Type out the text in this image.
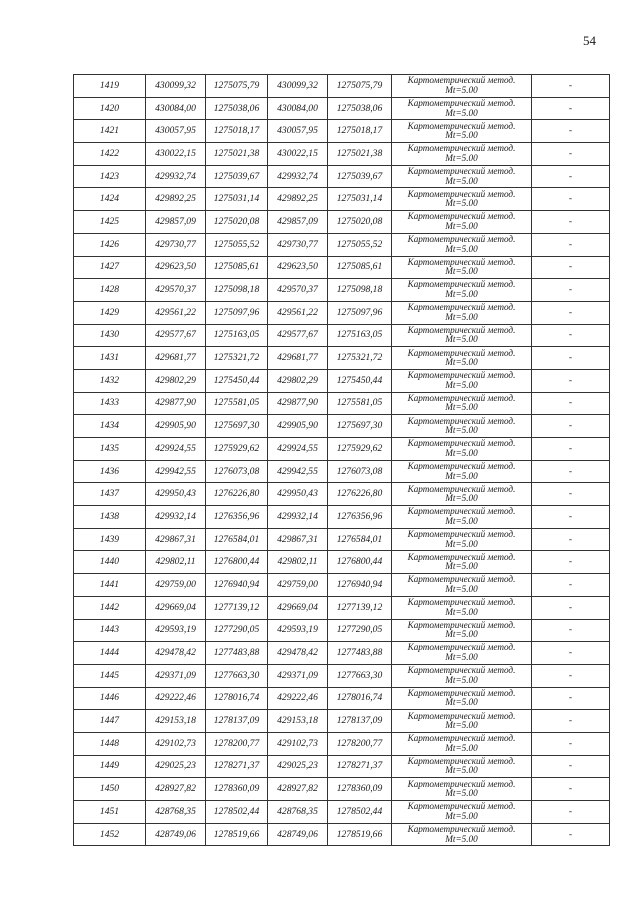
54
1419	430099,32	1275075,79	430099,32	1275075,79	Картометрический метод.
Mt=5.00	-
1420	430084,00	1275038,06	430084,00	1275038,06	Картометрический метод.
Mt=5.00	-
1421	430057,95	1275018,17	430057,95	1275018,17	Картометрический метод.
Mt=5.00	-
1422	430022,15	1275021,38	430022,15	1275021,38	Картометрический метод.
Mt=5.00	-
1423	429932,74	1275039,67	429932,74	1275039,67	Картометрический метод.
Mt=5.00	-
1424	429892,25	1275031,14	429892,25	1275031,14	Картометрический метод.
Mt=5.00	-
1425	429857,09	1275020,08	429857,09	1275020,08	Картометрический метод.
Mt=5.00	-
1426	429730,77	1275055,52	429730,77	1275055,52	Картометрический метод.
Mt=5.00	-
1427	429623,50	1275085,61	429623,50	1275085,61	Картометрический метод.
Mt=5.00	-
1428	429570,37	1275098,18	429570,37	1275098,18	Картометрический метод.
Mt=5.00	-
1429	429561,22	1275097,96	429561,22	1275097,96	Картометрический метод.
Mt=5.00	-
1430	429577,67	1275163,05	429577,67	1275163,05	Картометрический метод.
Mt=5.00	-
1431	429681,77	1275321,72	429681,77	1275321,72	Картометрический метод.
Mt=5.00	-
1432	429802,29	1275450,44	429802,29	1275450,44	Картометрический метод.
Mt=5.00	-
1433	429877,90	1275581,05	429877,90	1275581,05	Картометрический метод.
Mt=5.00	-
1434	429905,90	1275697,30	429905,90	1275697,30	Картометрический метод.
Mt=5.00	-
1435	429924,55	1275929,62	429924,55	1275929,62	Картометрический метод.
Mt=5.00	-
1436	429942,55	1276073,08	429942,55	1276073,08	Картометрический метод.
Mt=5.00	-
1437	429950,43	1276226,80	429950,43	1276226,80	Картометрический метод.
Mt=5.00	-
1438	429932,14	1276356,96	429932,14	1276356,96	Картометрический метод.
Mt=5.00	-
1439	429867,31	1276584,01	429867,31	1276584,01	Картометрический метод.
Mt=5.00	-
1440	429802,11	1276800,44	429802,11	1276800,44	Картометрический метод.
Mt=5.00	-
1441	429759,00	1276940,94	429759,00	1276940,94	Картометрический метод.
Mt=5.00	-
1442	429669,04	1277139,12	429669,04	1277139,12	Картометрический метод.
Mt=5.00	-
1443	429593,19	1277290,05	429593,19	1277290,05	Картометрический метод.
Mt=5.00	-
1444	429478,42	1277483,88	429478,42	1277483,88	Картометрический метод.
Mt=5.00	-
1445	429371,09	1277663,30	429371,09	1277663,30	Картометрический метод.
Mt=5.00	-
1446	429222,46	1278016,74	429222,46	1278016,74	Картометрический метод.
Mt=5.00	-
1447	429153,18	1278137,09	429153,18	1278137,09	Картометрический метод.
Mt=5.00	-
1448	429102,73	1278200,77	429102,73	1278200,77	Картометрический метод.
Mt=5.00	-
1449	429025,23	1278271,37	429025,23	1278271,37	Картометрический метод.
Mt=5.00	-
1450	428927,82	1278360,09	428927,82	1278360,09	Картометрический метод.
Mt=5.00	-
1451	428768,35	1278502,44	428768,35	1278502,44	Картометрический метод.
Mt=5.00	-
1452	428749,06	1278519,66	428749,06	1278519,66	Картометрический метод.
Mt=5.00	-
